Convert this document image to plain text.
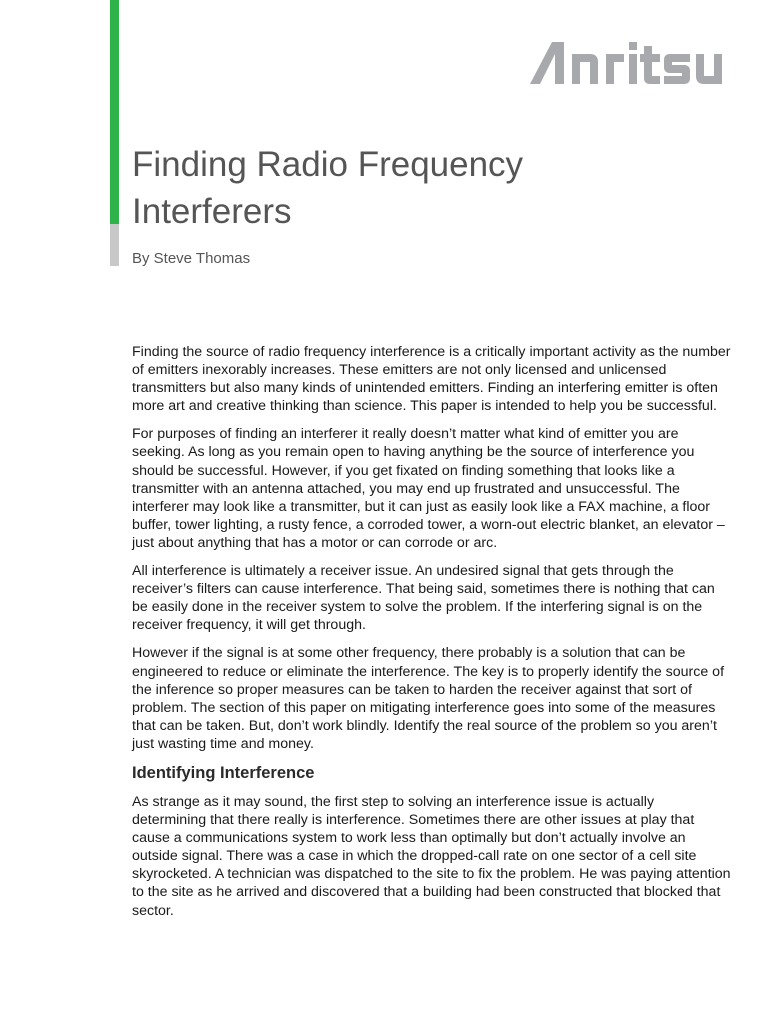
Finding Radio Frequency
Interferers

By Steve Thomas

Finding the source of radio frequency interference is a critically important activity as the number of emitters inexorably increases. These emitters are not only licensed and unlicensed transmitters but also many kinds of unintended emitters. Finding an interfering emitter is often more art and creative thinking than science. This paper is intended to help you be successful.

For purposes of finding an interferer it really doesn’t matter what kind of emitter you are seeking. As long as you remain open to having anything be the source of interference you should be successful. However, if you get fixated on finding something that looks like a transmitter with an antenna attached, you may end up frustrated and unsuccessful. The interferer may look like a transmitter, but it can just as easily look like a FAX machine, a floor buffer, tower lighting, a rusty fence, a corroded tower, a worn-out electric blanket, an elevator – just about anything that has a motor or can corrode or arc.

All interference is ultimately a receiver issue. An undesired signal that gets through the receiver’s filters can cause interference. That being said, sometimes there is nothing that can be easily done in the receiver system to solve the problem. If the interfering signal is on the receiver frequency, it will get through.

However if the signal is at some other frequency, there probably is a solution that can be engineered to reduce or eliminate the interference. The key is to properly identify the source of the inference so proper measures can be taken to harden the receiver against that sort of problem. The section of this paper on mitigating interference goes into some of the measures that can be taken. But, don’t work blindly. Identify the real source of the problem so you aren’t just wasting time and money.

Identifying Interference

As strange as it may sound, the first step to solving an interference issue is actually determining that there really is interference. Sometimes there are other issues at play that cause a communications system to work less than optimally but don’t actually involve an outside signal. There was a case in which the dropped-call rate on one sector of a cell site skyrocketed. A technician was dispatched to the site to fix the problem. He was paying attention to the site as he arrived and discovered that a building had been constructed that blocked that sector.
